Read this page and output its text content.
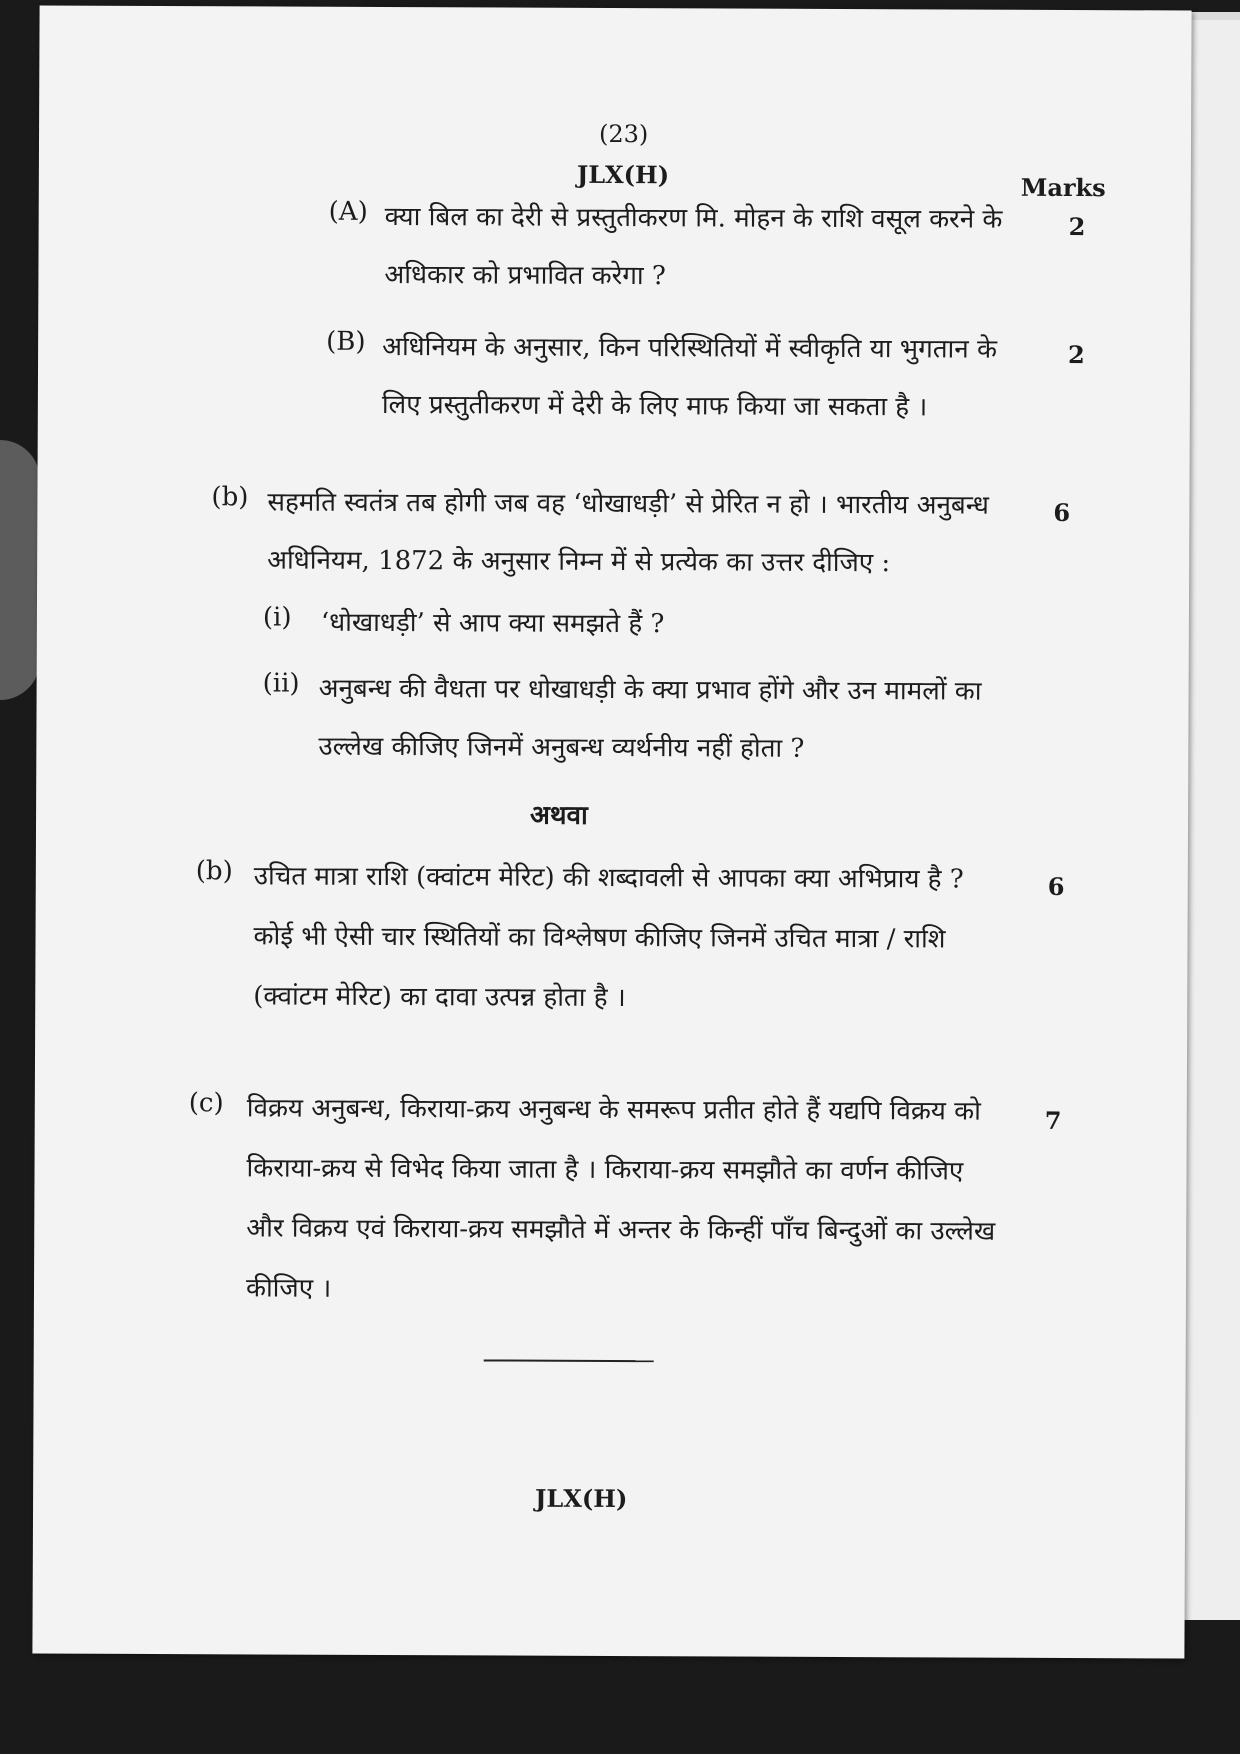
(23)
JLX(H)	Marks
(A) क्या बिल का देरी से प्रस्तुतीकरण मि. मोहन के राशि वसूल करने के
अधिकार को प्रभावित करेगा ?
2
(B) अधिनियम के अनुसार, किन परिस्थितियों में स्वीकृति या भुगतान के
लिए प्रस्तुतीकरण में देरी के लिए माफ किया जा सकता है ।
2
(b) सहमति स्वतंत्र तब होगी जब वह ‘धोखाधड़ी’ से प्रेरित न हो । भारतीय अनुबन्ध
अधिनियम, 1872 के अनुसार निम्न में से प्रत्येक का उत्तर दीजिए :
6
(i) ‘धोखाधड़ी’ से आप क्या समझते हैं ?
(ii) अनुबन्ध की वैधता पर धोखाधड़ी के क्या प्रभाव होंगे और उन मामलों का
उल्लेख कीजिए जिनमें अनुबन्ध व्यर्थनीय नहीं होता ?
अथवा
(b) उचित मात्रा राशि (क्वांटम मेरिट) की शब्दावली से आपका क्या अभिप्राय है ?
कोई भी ऐसी चार स्थितियों का विश्लेषण कीजिए जिनमें उचित मात्रा / राशि
(क्वांटम मेरिट) का दावा उत्पन्न होता है ।
6
(c) विक्रय अनुबन्ध, किराया-क्रय अनुबन्ध के समरूप प्रतीत होते हैं यद्यपि विक्रय को
किराया-क्रय से विभेद किया जाता है । किराया-क्रय समझौते का वर्णन कीजिए
और विक्रय एवं किराया-क्रय समझौते में अन्तर के किन्हीं पाँच बिन्दुओं का उल्लेख
कीजिए ।
7
JLX(H)
